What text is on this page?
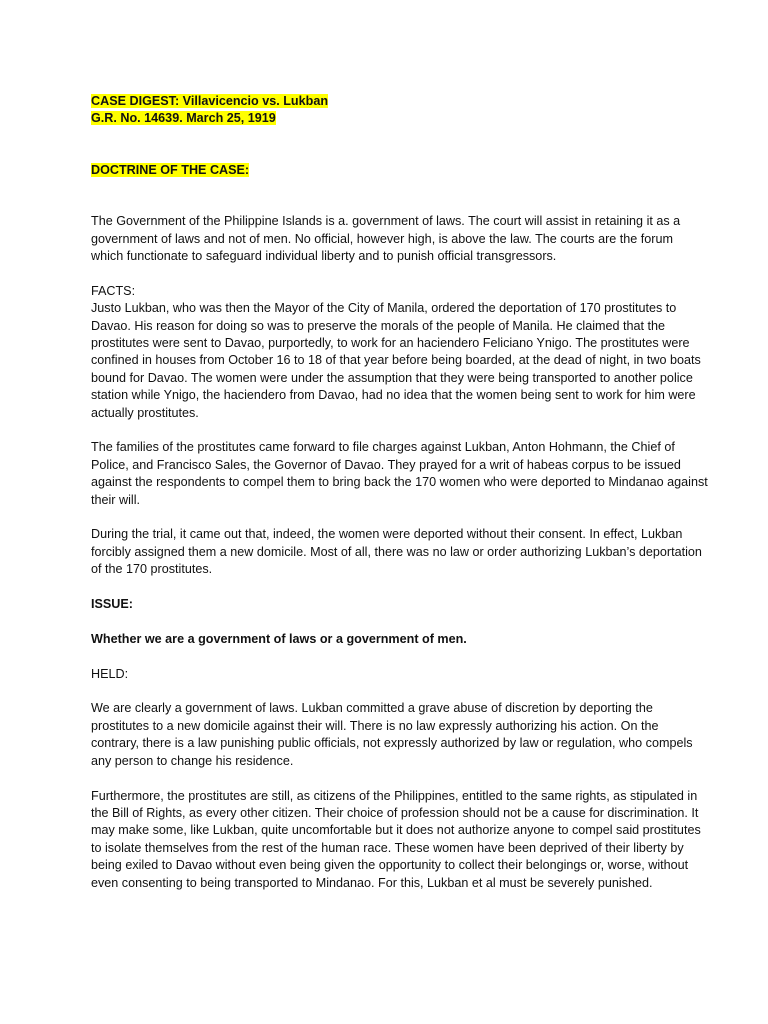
CASE DIGEST: Villavicencio vs. Lukban

G.R. No. 14639. March 25, 1919

DOCTRINE OF THE CASE:

The Government of the Philippine Islands is a. government of laws. The court will assist in retaining it as a government of laws and not of men. No official, however high, is above the law. The courts are the forum which functionate to safeguard individual liberty and to punish official transgressors.

FACTS:

Justo Lukban, who was then the Mayor of the City of Manila, ordered the deportation of 170 prostitutes to Davao. His reason for doing so was to preserve the morals of the people of Manila. He claimed that the prostitutes were sent to Davao, purportedly, to work for an haciendero Feliciano Ynigo. The prostitutes were confined in houses from October 16 to 18 of that year before being boarded, at the dead of night, in two boats bound for Davao. The women were under the assumption that they were being transported to another police station while Ynigo, the haciendero from Davao, had no idea that the women being sent to work for him were actually prostitutes.

The families of the prostitutes came forward to file charges against Lukban, Anton Hohmann, the Chief of Police, and Francisco Sales, the Governor of Davao. They prayed for a writ of habeas corpus to be issued against the respondents to compel them to bring back the 170 women who were deported to Mindanao against their will.

During the trial, it came out that, indeed, the women were deported without their consent. In effect, Lukban forcibly assigned them a new domicile. Most of all, there was no law or order authorizing Lukban’s deportation of the 170 prostitutes.

ISSUE:

Whether we are a government of laws or a government of men.

HELD:

We are clearly a government of laws. Lukban committed a grave abuse of discretion by deporting the prostitutes to a new domicile against their will. There is no law expressly authorizing his action. On the contrary, there is a law punishing public officials, not expressly authorized by law or regulation, who compels any person to change his residence.

Furthermore, the prostitutes are still, as citizens of the Philippines, entitled to the same rights, as stipulated in the Bill of Rights, as every other citizen. Their choice of profession should not be a cause for discrimination. It may make some, like Lukban, quite uncomfortable but it does not authorize anyone to compel said prostitutes to isolate themselves from the rest of the human race. These women have been deprived of their liberty by being exiled to Davao without even being given the opportunity to collect their belongings or, worse, without even consenting to being transported to Mindanao. For this, Lukban et al must be severely punished.
